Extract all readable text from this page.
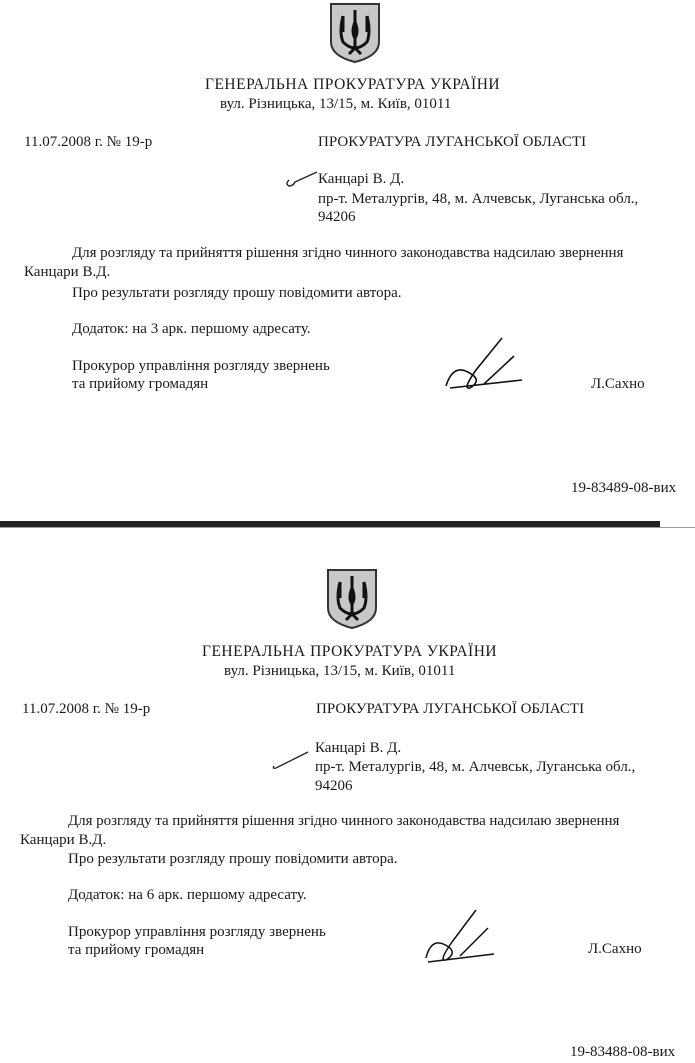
ГЕНЕРАЛЬНА ПРОКУРАТУРА УКРАЇНИ
вул. Різницька, 13/15, м. Київ, 01011
11.07.2008 г. № 19-р	ПРОКУРАТУРА ЛУГАНСЬКОЇ ОБЛАСТІ
Канцарі В. Д.
пр-т. Металургів, 48, м. Алчевськ, Луганська обл.,
94206
Для розгляду та прийняття рішення згідно чинного законодавства надсилаю звернення
Канцари В.Д.
Про результати розгляду прошу повідомити автора.
Додаток: на 3 арк. першому адресату.
Прокурор управління розгляду звернень
та прийому громадян	Л.Сахно
19-83489-08-вих
ГЕНЕРАЛЬНА ПРОКУРАТУРА УКРАЇНИ
вул. Різницька, 13/15, м. Київ, 01011
11.07.2008 г. № 19-р	ПРОКУРАТУРА ЛУГАНСЬКОЇ ОБЛАСТІ
Канцарі В. Д.
пр-т. Металургів, 48, м. Алчевськ, Луганська обл.,
94206
Для розгляду та прийняття рішення згідно чинного законодавства надсилаю звернення
Канцари В.Д.
Про результати розгляду прошу повідомити автора.
Додаток: на 6 арк. першому адресату.
Прокурор управління розгляду звернень
та прийому громадян	Л.Сахно
19-83488-08-вих
